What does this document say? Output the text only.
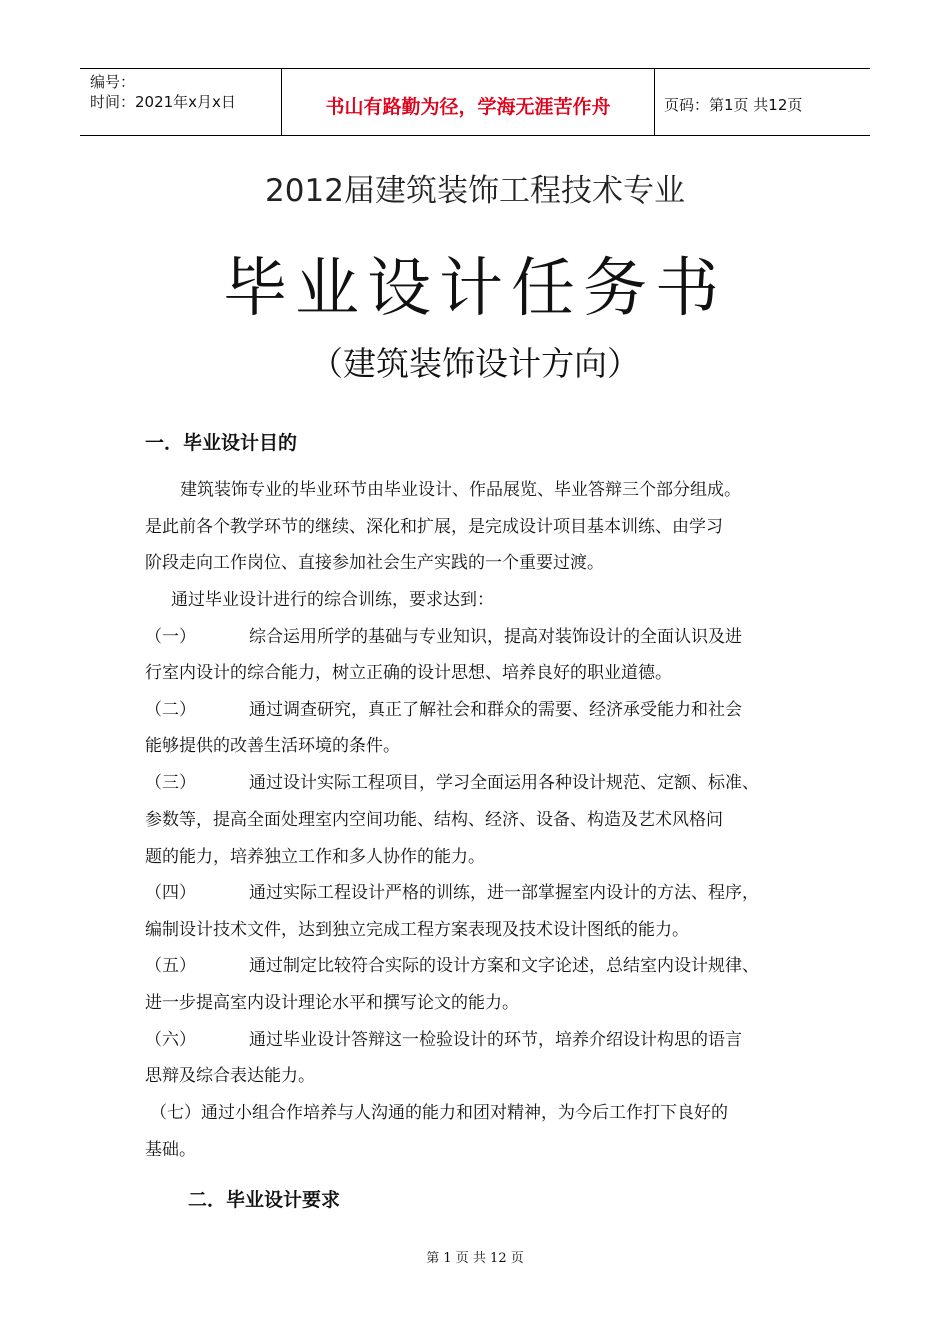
编号：
时间：2021年x月x日	书山有路勤为径，学海无涯苦作舟	页码：第1页 共12页
2012届建筑装饰工程技术专业
毕业设计任务书
（建筑装饰设计方向）
一．毕业设计目的
建筑装饰专业的毕业环节由毕业设计、作品展览、毕业答辩三个部分组成。
是此前各个教学环节的继续、深化和扩展，是完成设计项目基本训练、由学习
阶段走向工作岗位、直接参加社会生产实践的一个重要过渡。
通过毕业设计进行的综合训练，要求达到：
（一）	综合运用所学的基础与专业知识，提高对装饰设计的全面认识及进
行室内设计的综合能力，树立正确的设计思想、培养良好的职业道德。
（二）	通过调查研究，真正了解社会和群众的需要、经济承受能力和社会
能够提供的改善生活环境的条件。
（三）	通过设计实际工程项目，学习全面运用各种设计规范、定额、标准、
参数等，提高全面处理室内空间功能、结构、经济、设备、构造及艺术风格问
题的能力，培养独立工作和多人协作的能力。
（四）	通过实际工程设计严格的训练，进一部掌握室内设计的方法、程序，
编制设计技术文件，达到独立完成工程方案表现及技术设计图纸的能力。
（五）	通过制定比较符合实际的设计方案和文字论述，总结室内设计规律、
进一步提高室内设计理论水平和撰写论文的能力。
（六）	通过毕业设计答辩这一检验设计的环节，培养介绍设计构思的语言
思辩及综合表达能力。
（七）通过小组合作培养与人沟通的能力和团对精神，为今后工作打下良好的
基础。
二．毕业设计要求
第 1 页 共 12 页
